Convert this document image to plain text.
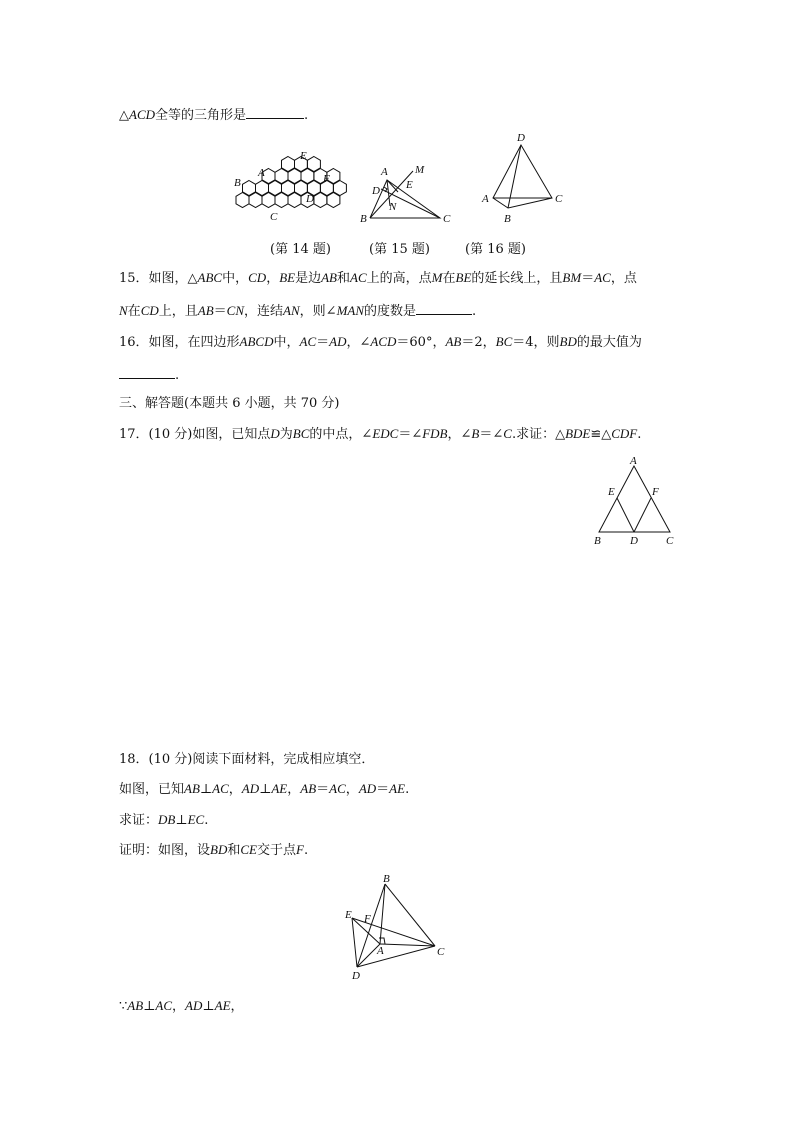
△ACD全等的三角形是	.
A
B
C
D
E
F
A
B	C
D E
M
N
D
A
B
C
(第 14 题)	(第 15 题)	(第 16 题)
15．如图，△ABC中，CD，BE是边AB和AC上的高，点M在BE的延长线上，且BM＝AC，点
N在CD上，且AB＝CN，连结AN，则∠MAN的度数是	.
16．如图，在四边形ABCD中，AC＝AD，∠ACD＝60°，AB＝2，BC＝4，则BD的最大值为
.
三、解答题(本题共 6 小题，共 70 分)
17．(10 分)如图，已知点D为BC的中点，∠EDC＝∠FDB，∠B＝∠C.求证：△BDE≌△CDF.
A
B	D	C
E	F
18．(10 分)阅读下面材料，完成相应填空．
如图，已知AB⊥AC，AD⊥AE，AB＝AC，AD＝AE.
求证：DB⊥EC.
证明：如图，设BD和CE交于点F.
B
E F
A	C
D
∵AB⊥AC，AD⊥AE，
